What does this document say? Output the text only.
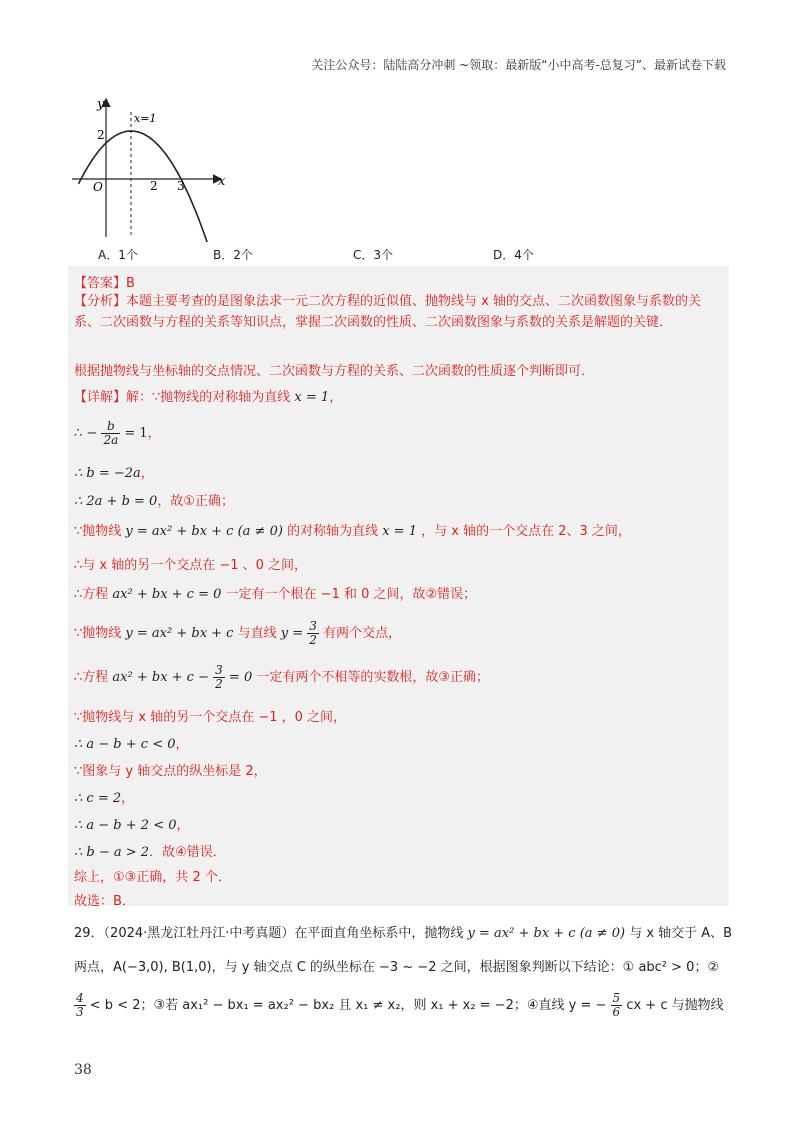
关注公众号：陆陆高分冲刺 ~领取：最新版“小中高考-总复习”、最新试卷下载
y
x
O
2
2 3
x=1
A．1个	B．2个	C．3个	D．4个
【答案】B
【分析】本题主要考查的是图象法求一元二次方程的近似值、抛物线与 x 轴的交点、二次函数图象与系数的关系、二次函数与方程的关系等知识点，掌握二次函数的性质、二次函数图象与系数的关系是解题的关键．
根据抛物线与坐标轴的交点情况、二次函数与方程的关系、二次函数的性质逐个判断即可．
【详解】解：∵抛物线的对称轴为直线 x = 1，
∴ − $\frac{b}{2a} = 1$，
∴ b = −2a，
∴ 2a + b = 0，故①正确；
∵抛物线 y = ax² + bx + c (a ≠ 0) 的对称轴为直线 x = 1 ，与 x 轴的一个交点在 2、3 之间，
∴与 x 轴的另一个交点在 −1 、0 之间，
∴方程 ax² + bx + c = 0 一定有一个根在 −1 和 0 之间，故②错误；
∵抛物线 y = ax² + bx + c 与直线 $y = \frac{3}{2}$ 有两个交点，
∴方程 ax² + bx + $c - \frac{3}{2} = 0$ 一定有两个不相等的实数根，故③正确；
∵抛物线与 x 轴的另一个交点在 −1 ，0 之间，
∴ a − b + c < 0，
∵图象与 y 轴交点的纵坐标是 2，
∴ c = 2，
∴ a − b + 2 < 0，
∴ b − a > 2．故④错误．
综上，①③正确，共 2 个．
故选：B．
29．（2024·黑龙江牡丹江·中考真题）在平面直角坐标系中，抛物线 y = ax² + bx + c (a ≠ 0) 与 x 轴交于 A、B
两点，A(−3,0), B(1,0)，与 y 轴交点 C 的纵坐标在 −3 ~ −2 之间，根据图象判断以下结论：① abc² > 0；②
$\frac{4}{3} < b < 2$；③若 ax₁² − bx₁ = ax₂² − bx₂ 且 x₁ ≠ x₂，则 x₁ + x₂ = −2；④直线 y = − $\frac{5}{6}$ cx + c 与抛物线
38
